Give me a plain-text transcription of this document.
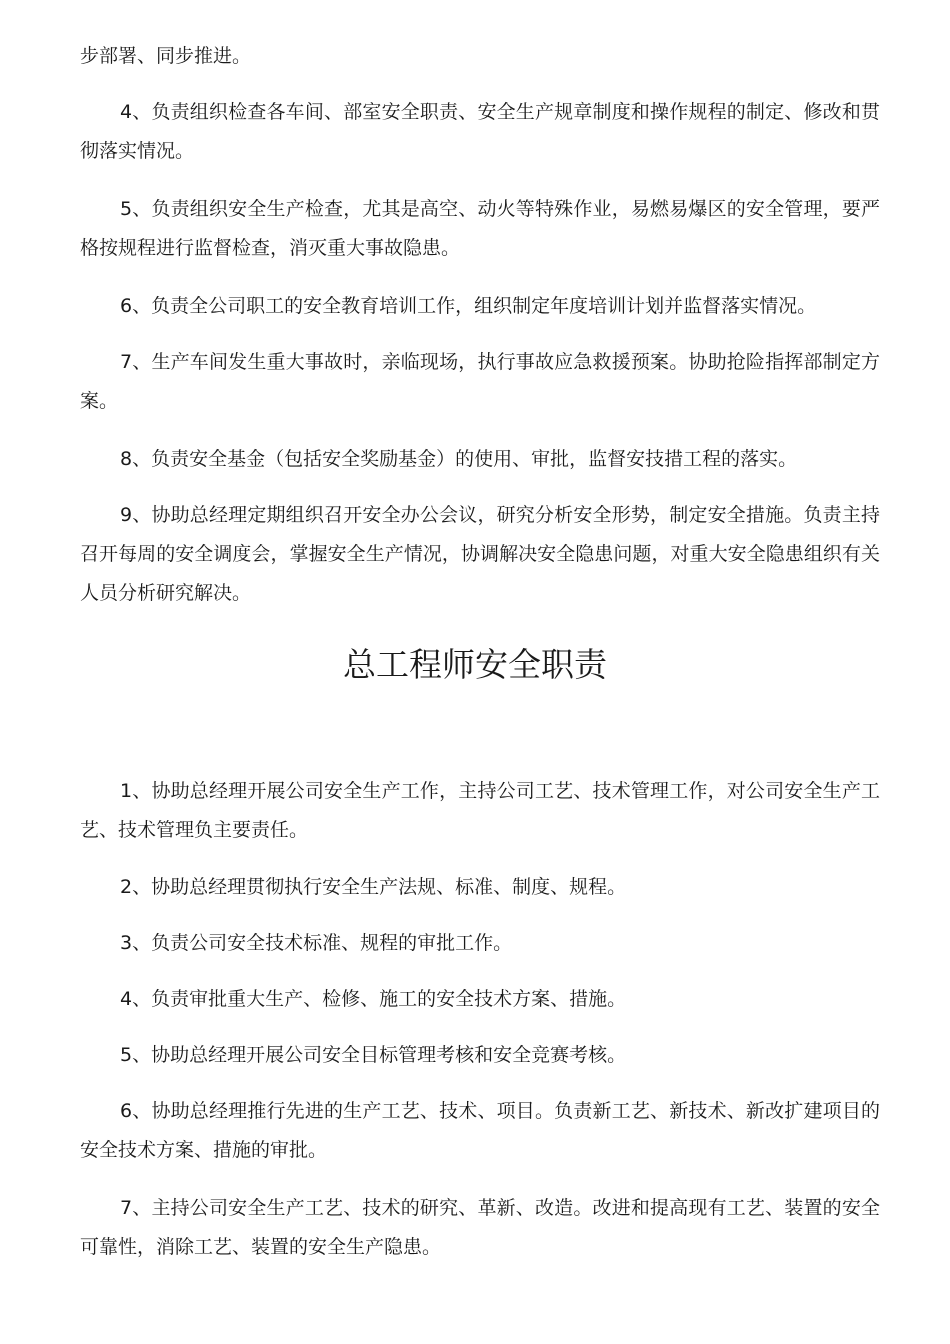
步部署、同步推进。

4、负责组织检查各车间、部室安全职责、安全生产规章制度和操作规程的制定、修改和贯彻落实情况。

5、负责组织安全生产检查，尤其是高空、动火等特殊作业，易燃易爆区的安全管理，要严格按规程进行监督检查，消灭重大事故隐患。

6、负责全公司职工的安全教育培训工作，组织制定年度培训计划并监督落实情况。

7、生产车间发生重大事故时，亲临现场，执行事故应急救援预案。协助抢险指挥部制定方案。

8、负责安全基金（包括安全奖励基金）的使用、审批，监督安技措工程的落实。

9、协助总经理定期组织召开安全办公会议，研究分析安全形势，制定安全措施。负责主持召开每周的安全调度会，掌握安全生产情况，协调解决安全隐患问题，对重大安全隐患组织有关人员分析研究解决。

总工程师安全职责

1、协助总经理开展公司安全生产工作，主持公司工艺、技术管理工作，对公司安全生产工艺、技术管理负主要责任。

2、协助总经理贯彻执行安全生产法规、标准、制度、规程。

3、负责公司安全技术标准、规程的审批工作。

4、负责审批重大生产、检修、施工的安全技术方案、措施。

5、协助总经理开展公司安全目标管理考核和安全竞赛考核。

6、协助总经理推行先进的生产工艺、技术、项目。负责新工艺、新技术、新改扩建项目的安全技术方案、措施的审批。

7、主持公司安全生产工艺、技术的研究、革新、改造。改进和提高现有工艺、装置的安全可靠性，消除工艺、装置的安全生产隐患。
